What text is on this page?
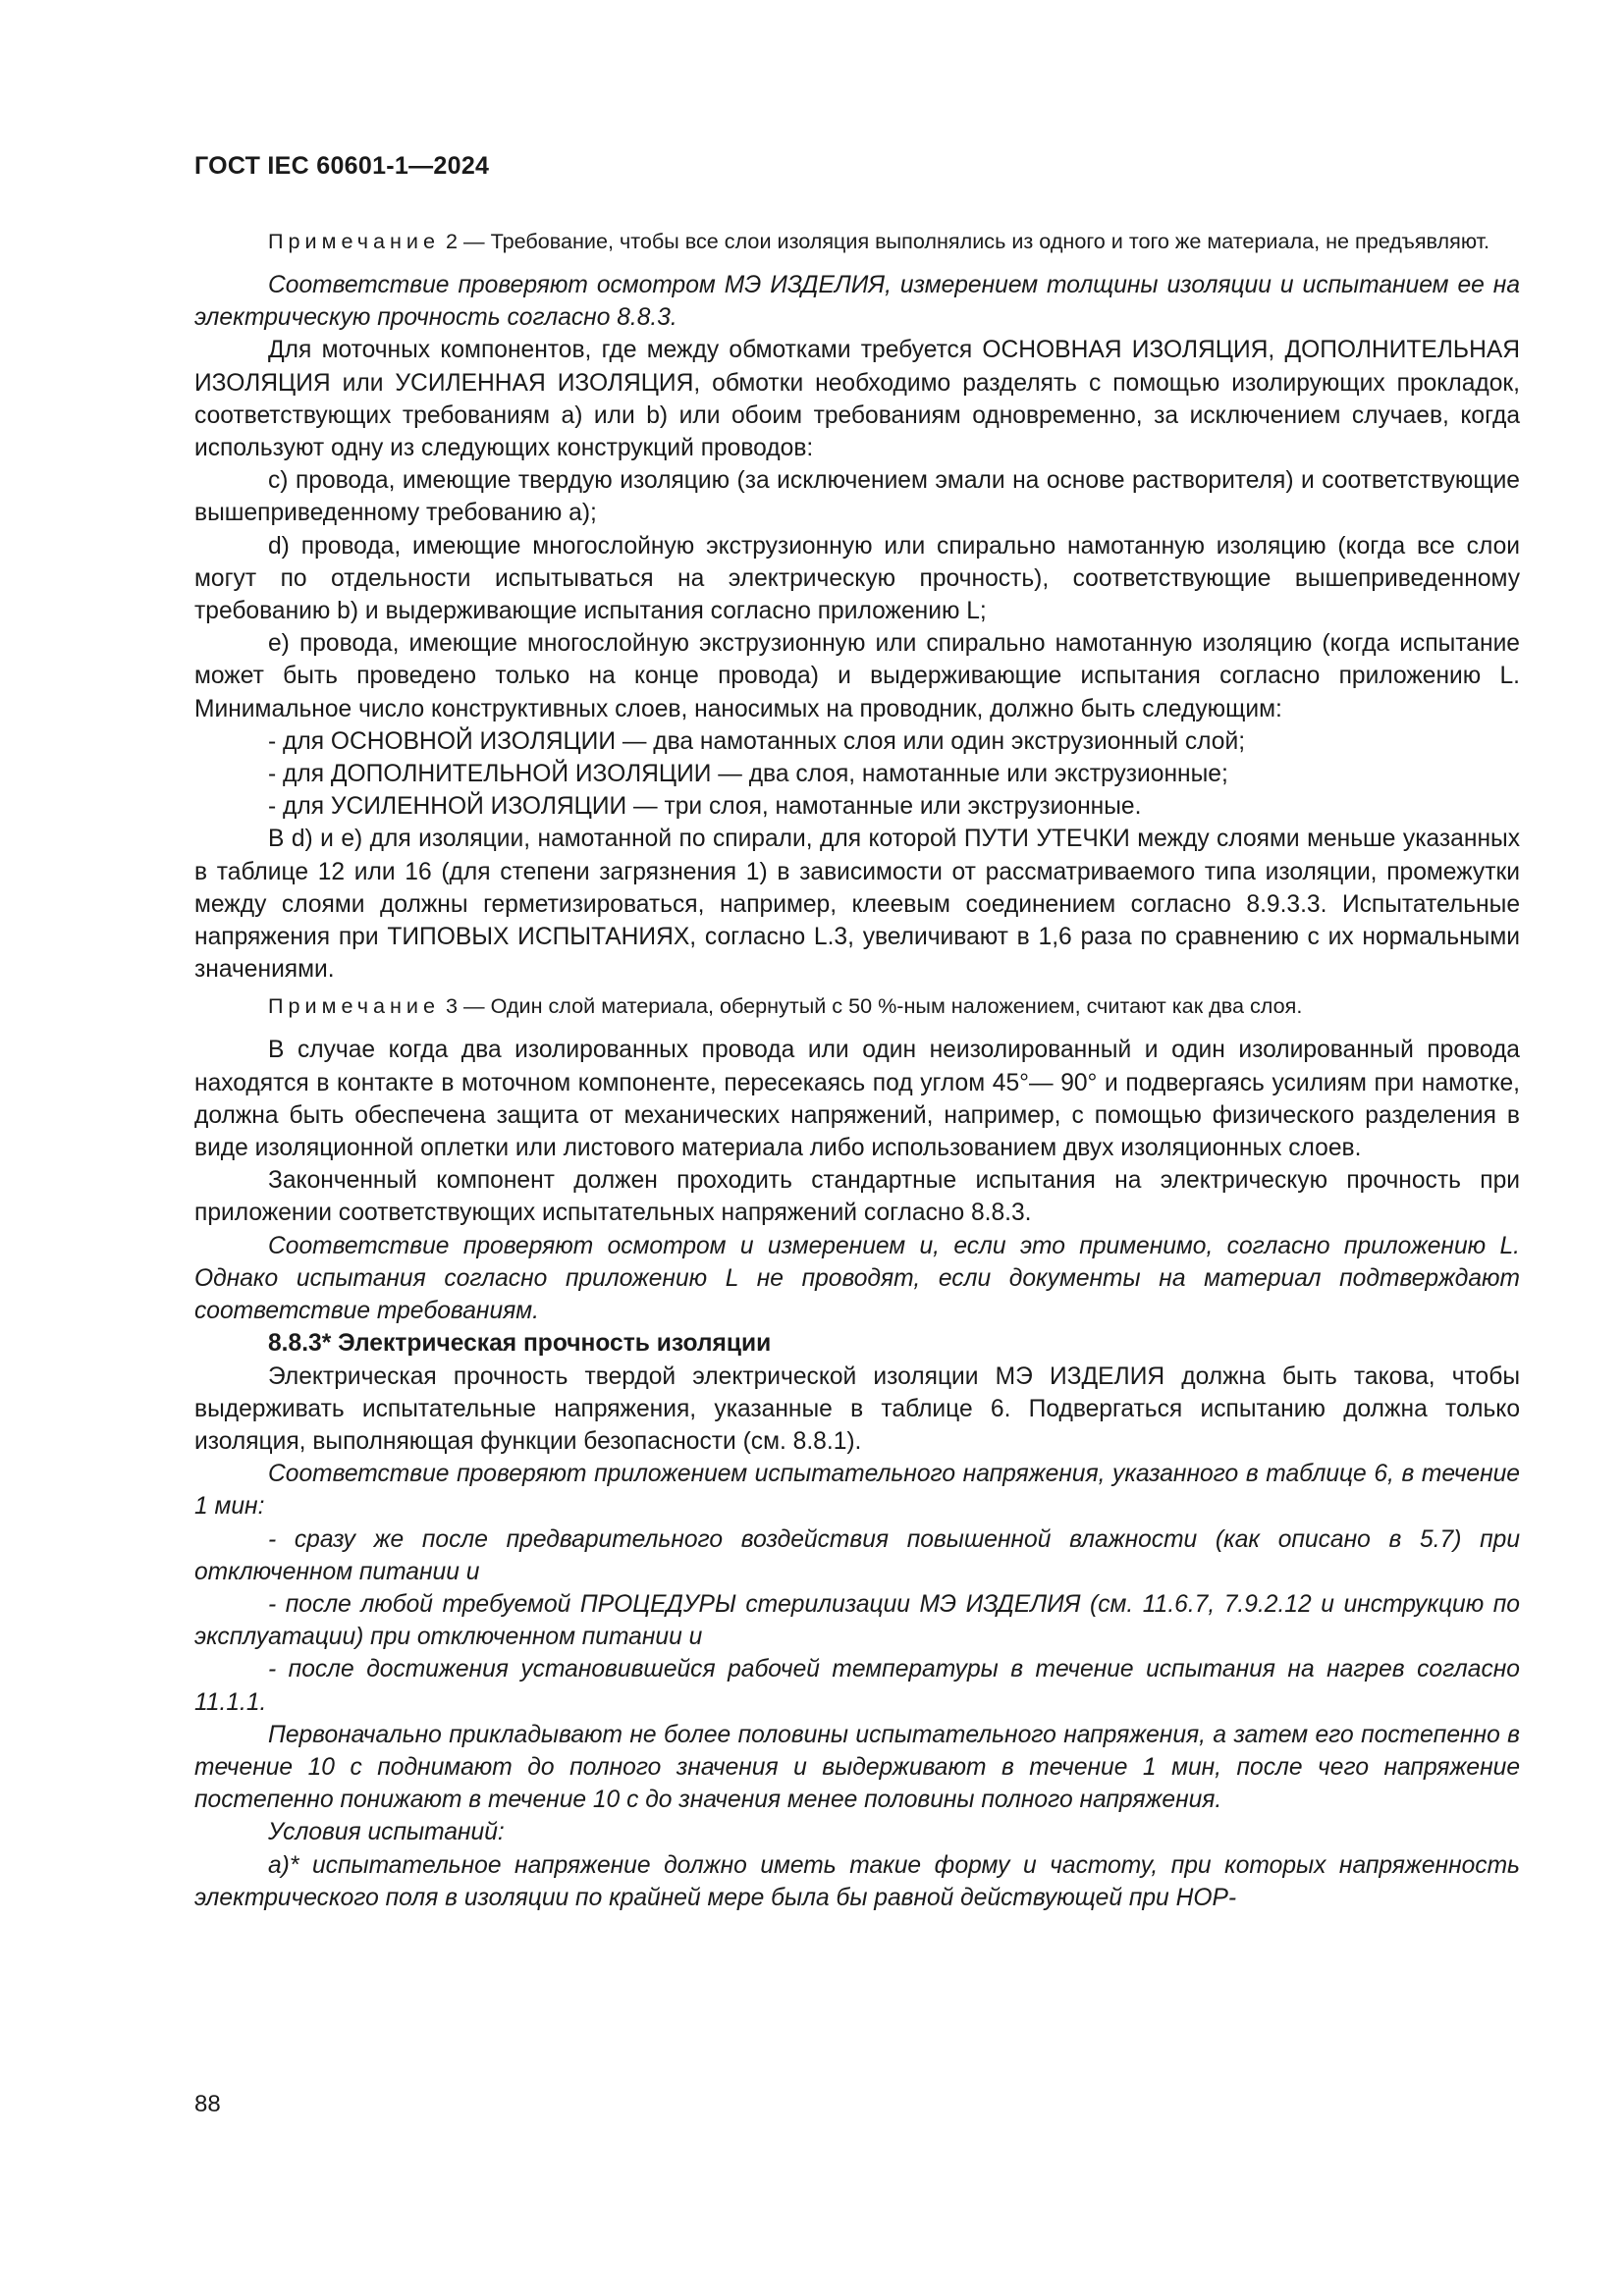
ГОСТ IEC 60601-1—2024

Примечание 2 — Требование, чтобы все слои изоляция выполнялись из одного и того же материала, не предъявляют.

Соответствие проверяют осмотром МЭ ИЗДЕЛИЯ, измерением толщины изоляции и испытанием ее на электрическую прочность согласно 8.8.3.

Для моточных компонентов, где между обмотками требуется ОСНОВНАЯ ИЗОЛЯЦИЯ, ДОПОЛНИТЕЛЬНАЯ ИЗОЛЯЦИЯ или УСИЛЕННАЯ ИЗОЛЯЦИЯ, обмотки необходимо разделять с помощью изолирующих прокладок, соответствующих требованиям a) или b) или обоим требованиям одновременно, за исключением случаев, когда используют одну из следующих конструкций проводов:

c) провода, имеющие твердую изоляцию (за исключением эмали на основе растворителя) и соответствующие вышеприведенному требованию a);

d) провода, имеющие многослойную экструзионную или спирально намотанную изоляцию (когда все слои могут по отдельности испытываться на электрическую прочность), соответствующие вышеприведенному требованию b) и выдерживающие испытания согласно приложению L;

e) провода, имеющие многослойную экструзионную или спирально намотанную изоляцию (когда испытание может быть проведено только на конце провода) и выдерживающие испытания согласно приложению L. Минимальное число конструктивных слоев, наносимых на проводник, должно быть следующим:

- для ОСНОВНОЙ ИЗОЛЯЦИИ — два намотанных слоя или один экструзионный слой;

- для ДОПОЛНИТЕЛЬНОЙ ИЗОЛЯЦИИ — два слоя, намотанные или экструзионные;

- для УСИЛЕННОЙ ИЗОЛЯЦИИ — три слоя, намотанные или экструзионные.

В d) и e) для изоляции, намотанной по спирали, для которой ПУТИ УТЕЧКИ между слоями меньше указанных в таблице 12 или 16 (для степени загрязнения 1) в зависимости от рассматриваемого типа изоляции, промежутки между слоями должны герметизироваться, например, клеевым соединением согласно 8.9.3.3. Испытательные напряжения при ТИПОВЫХ ИСПЫТАНИЯХ, согласно L.3, увеличивают в 1,6 раза по сравнению с их нормальными значениями.

Примечание 3 — Один слой материала, обернутый с 50 %-ным наложением, считают как два слоя.

В случае когда два изолированных провода или один неизолированный и один изолированный провода находятся в контакте в моточном компоненте, пересекаясь под углом 45°— 90° и подвергаясь усилиям при намотке, должна быть обеспечена защита от механических напряжений, например, с помощью физического разделения в виде изоляционной оплетки или листового материала либо использованием двух изоляционных слоев.

Законченный компонент должен проходить стандартные испытания на электрическую прочность при приложении соответствующих испытательных напряжений согласно 8.8.3.

Соответствие проверяют осмотром и измерением и, если это применимо, согласно приложению L. Однако испытания согласно приложению L не проводят, если документы на материал подтверждают соответствие требованиям.

8.8.3* Электрическая прочность изоляции

Электрическая прочность твердой электрической изоляции МЭ ИЗДЕЛИЯ должна быть такова, чтобы выдерживать испытательные напряжения, указанные в таблице 6. Подвергаться испытанию должна только изоляция, выполняющая функции безопасности (см. 8.8.1).

Соответствие проверяют приложением испытательного напряжения, указанного в таблице 6, в течение 1 мин:

- сразу же после предварительного воздействия повышенной влажности (как описано в 5.7) при отключенном питании и

- после любой требуемой ПРОЦЕДУРЫ стерилизации МЭ ИЗДЕЛИЯ (см. 11.6.7, 7.9.2.12 и инструкцию по эксплуатации) при отключенном питании и

- после достижения установившейся рабочей температуры в течение испытания на нагрев согласно 11.1.1.

Первоначально прикладывают не более половины испытательного напряжения, а затем его постепенно в течение 10 с поднимают до полного значения и выдерживают в течение 1 мин, после чего напряжение постепенно понижают в течение 10 с до значения менее половины полного напряжения.

Условия испытаний:

a)* испытательное напряжение должно иметь такие форму и частоту, при которых напряженность электрического поля в изоляции по крайней мере была бы равной действующей при НОР-

88
